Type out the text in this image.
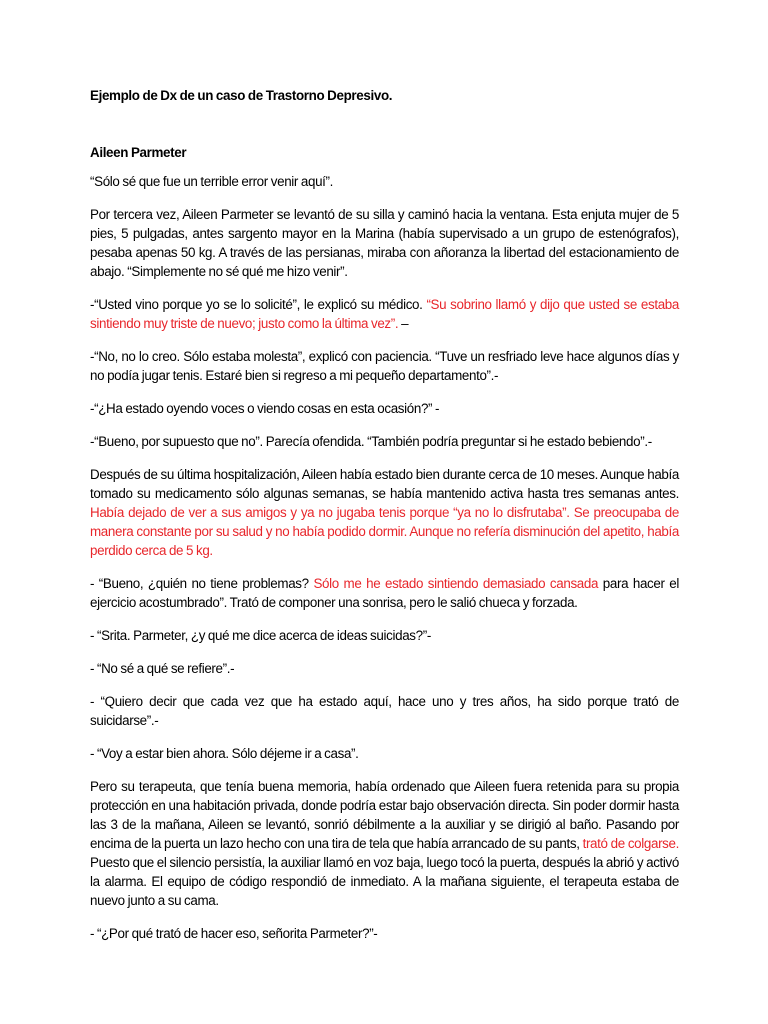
Ejemplo de Dx de un caso de Trastorno Depresivo.

Aileen Parmeter

“Sólo sé que fue un terrible error venir aquí”.

Por tercera vez, Aileen Parmeter se levantó de su silla y caminó hacia la ventana. Esta enjuta mujer de 5 pies, 5 pulgadas, antes sargento mayor en la Marina (había supervisado a un grupo de estenógrafos), pesaba apenas 50 kg. A través de las persianas, miraba con añoranza la libertad del estacionamiento de abajo. “Simplemente no sé qué me hizo venir”.

-“Usted vino porque yo se lo solicité”, le explicó su médico. “Su sobrino llamó y dijo que usted se estaba sintiendo muy triste de nuevo; justo como la última vez”. –

-“No, no lo creo. Sólo estaba molesta”, explicó con paciencia. “Tuve un resfriado leve hace algunos días y no podía jugar tenis. Estaré bien si regreso a mi pequeño departamento”.-

-“¿Ha estado oyendo voces o viendo cosas en esta ocasión?” -

-“Bueno, por supuesto que no”. Parecía ofendida. “También podría preguntar si he estado bebiendo”.-

Después de su última hospitalización, Aileen había estado bien durante cerca de 10 meses. Aunque había tomado su medicamento sólo algunas semanas, se había mantenido activa hasta tres semanas antes. Había dejado de ver a sus amigos y ya no jugaba tenis porque “ya no lo disfrutaba”. Se preocupaba de manera constante por su salud y no había podido dormir. Aunque no refería disminución del apetito, había perdido cerca de 5 kg.

- “Bueno, ¿quién no tiene problemas? Sólo me he estado sintiendo demasiado cansada para hacer el ejercicio acostumbrado”. Trató de componer una sonrisa, pero le salió chueca y forzada.

- “Srita. Parmeter, ¿y qué me dice acerca de ideas suicidas?”-

- “No sé a qué se refiere”.-

- “Quiero decir que cada vez que ha estado aquí, hace uno y tres años, ha sido porque trató de suicidarse”.-

- “Voy a estar bien ahora. Sólo déjeme ir a casa”.

Pero su terapeuta, que tenía buena memoria, había ordenado que Aileen fuera retenida para su propia protección en una habitación privada, donde podría estar bajo observación directa. Sin poder dormir hasta las 3 de la mañana, Aileen se levantó, sonrió débilmente a la auxiliar y se dirigió al baño. Pasando por encima de la puerta un lazo hecho con una tira de tela que había arrancado de su pants, trató de colgarse. Puesto que el silencio persistía, la auxiliar llamó en voz baja, luego tocó la puerta, después la abrió y activó la alarma. El equipo de código respondió de inmediato. A la mañana siguiente, el terapeuta estaba de nuevo junto a su cama.

- “¿Por qué trató de hacer eso, señorita Parmeter?”-
